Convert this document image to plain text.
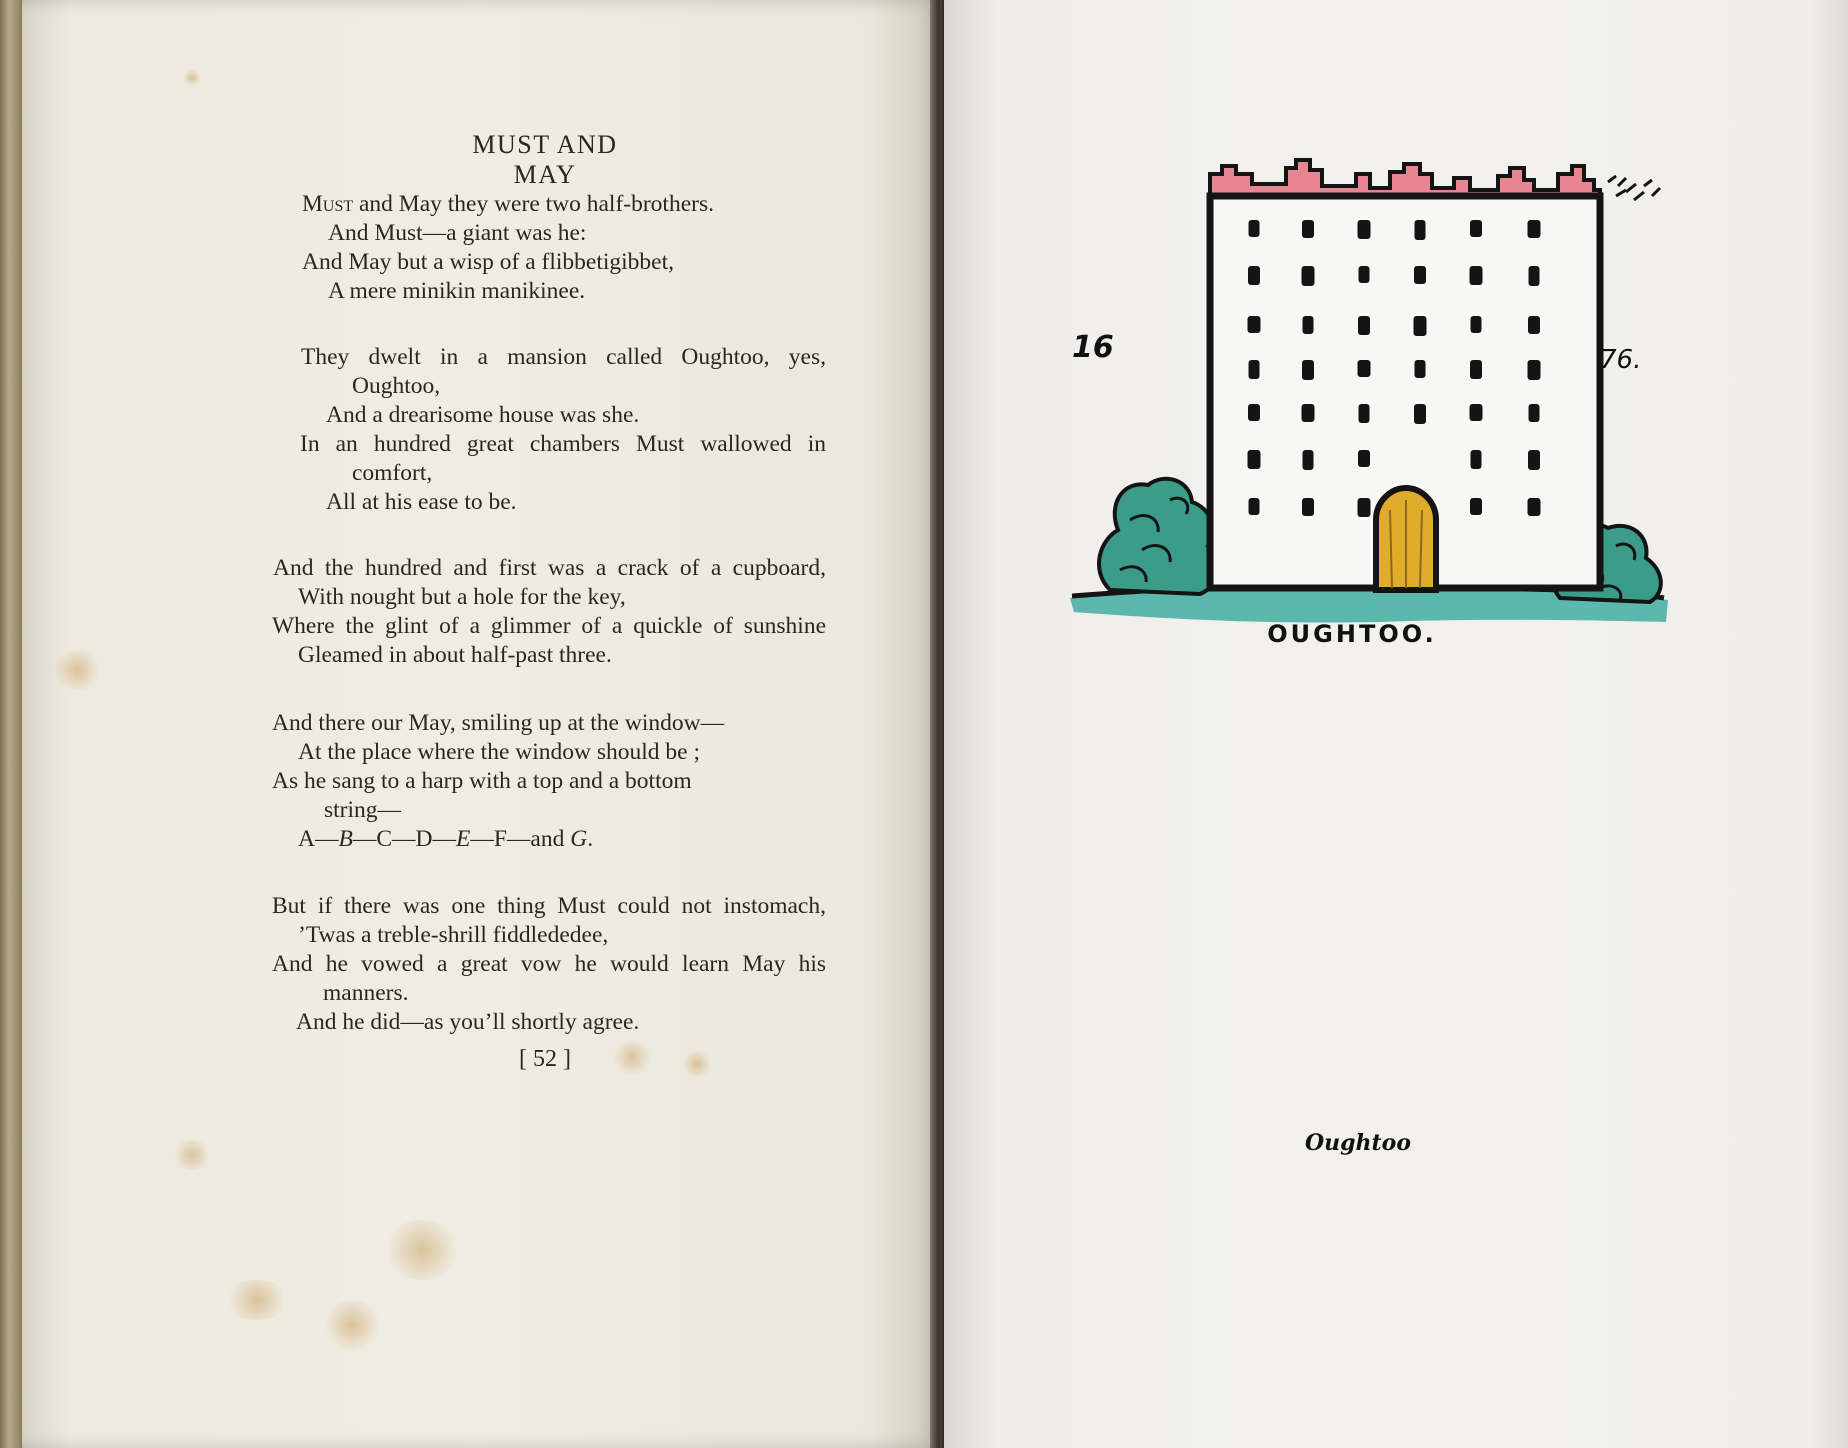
MUST AND MAY

Must and May they were two half-brothers.

And Must—a giant was he:

And May but a wisp of a flibbetigibbet,

A mere minikin manikinee.

They dwelt in a mansion called Oughtoo, yes,

Oughtoo,

And a drearisome house was she.

In an hundred great chambers Must wallowed in

comfort,

All at his ease to be.

And the hundred and first was a crack of a cupboard,

With nought but a hole for the key,

Where the glint of a glimmer of a quickle of sunshine

Gleamed in about half-past three.

And there our May, smiling up at the window—

At the place where the window should be ;

As he sang to a harp with a top and a bottom

string—

A—B—C—D—E—F—and G.

But if there was one thing Must could not instomach,

’Twas a treble-shrill fiddlededee,

And he vowed a great vow he would learn May his

manners.

And he did—as you’ll shortly agree.

[ 52 ]

16	76.

OUGHTOO.

Oughtoo
